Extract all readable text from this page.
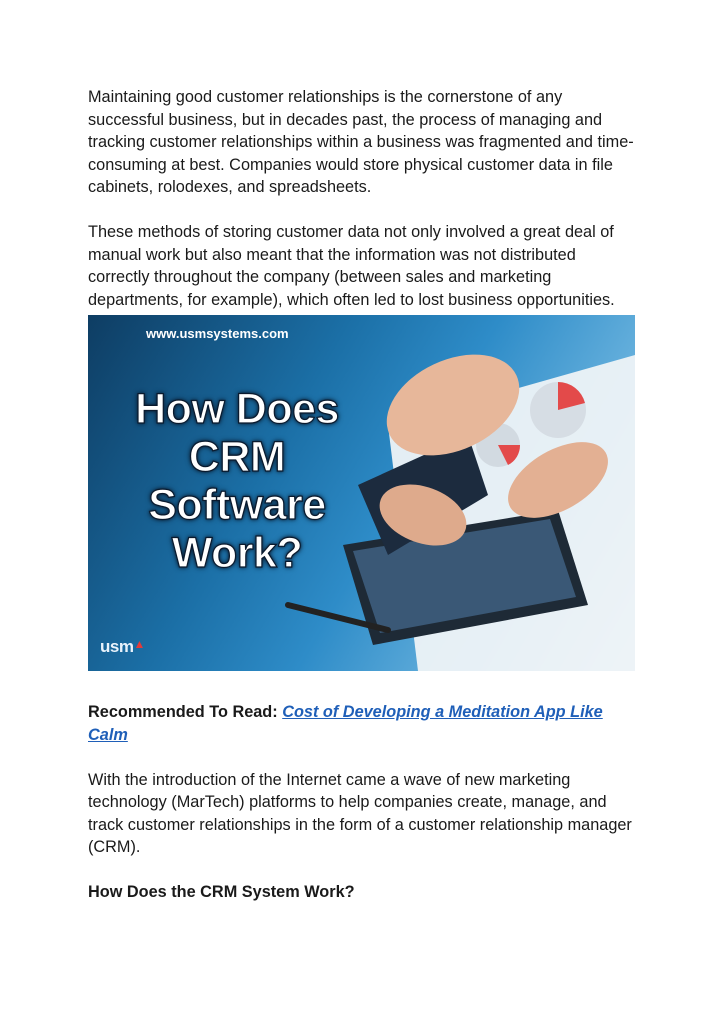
Maintaining good customer relationships is the cornerstone of any successful business, but in decades past, the process of managing and tracking customer relationships within a business was fragmented and time-consuming at best. Companies would store physical customer data in file cabinets, rolodexes, and spreadsheets.

These methods of storing customer data not only involved a great deal of manual work but also meant that the information was not distributed correctly throughout the company (between sales and marketing departments, for example), which often led to lost business opportunities.

www.usmsystems.com
How Does CRM Software Work?
usm▲
Recommended To Read: Cost of Developing a Meditation App Like Calm

With the introduction of the Internet came a wave of new marketing technology (MarTech) platforms to help companies create, manage, and track customer relationships in the form of a customer relationship manager (CRM).

How Does the CRM System Work?
